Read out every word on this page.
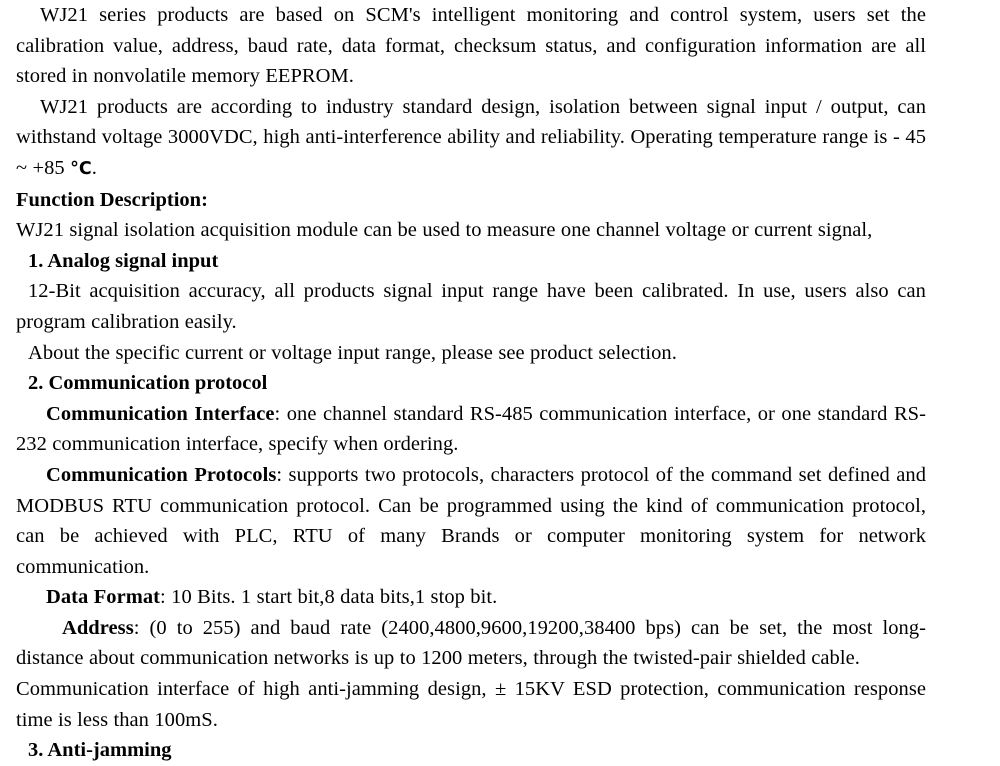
WJ21 series products are based on SCM's intelligent monitoring and control system, users set the calibration value, address, baud rate, data format, checksum status, and configuration information are all stored in nonvolatile memory EEPROM.

WJ21 products are according to industry standard design, isolation between signal input / output, can withstand voltage 3000VDC, high anti-interference ability and reliability. Operating temperature range is - 45 ~ +85 °C.

Function Description:

WJ21 signal isolation acquisition module can be used to measure one channel voltage or current signal,

1. Analog signal input

12-Bit acquisition accuracy, all products signal input range have been calibrated. In use, users also can program calibration easily.

About the specific current or voltage input range, please see product selection.

2. Communication protocol

Communication Interface: one channel standard RS-485 communication interface, or one standard RS-232 communication interface, specify when ordering.

Communication Protocols: supports two protocols, characters protocol of the command set defined and MODBUS RTU communication protocol. Can be programmed using the kind of communication protocol, can be achieved with PLC, RTU of many Brands or computer monitoring system for network communication.

Data Format: 10 Bits. 1 start bit,8 data bits,1 stop bit.

Address: (0 to 255) and baud rate (2400,4800,9600,19200,38400 bps) can be set, the most long-distance about communication networks is up to 1200 meters, through the twisted-pair shielded cable.

Communication interface of high anti-jamming design, ± 15KV ESD protection, communication response time is less than 100mS.

3. Anti-jamming
